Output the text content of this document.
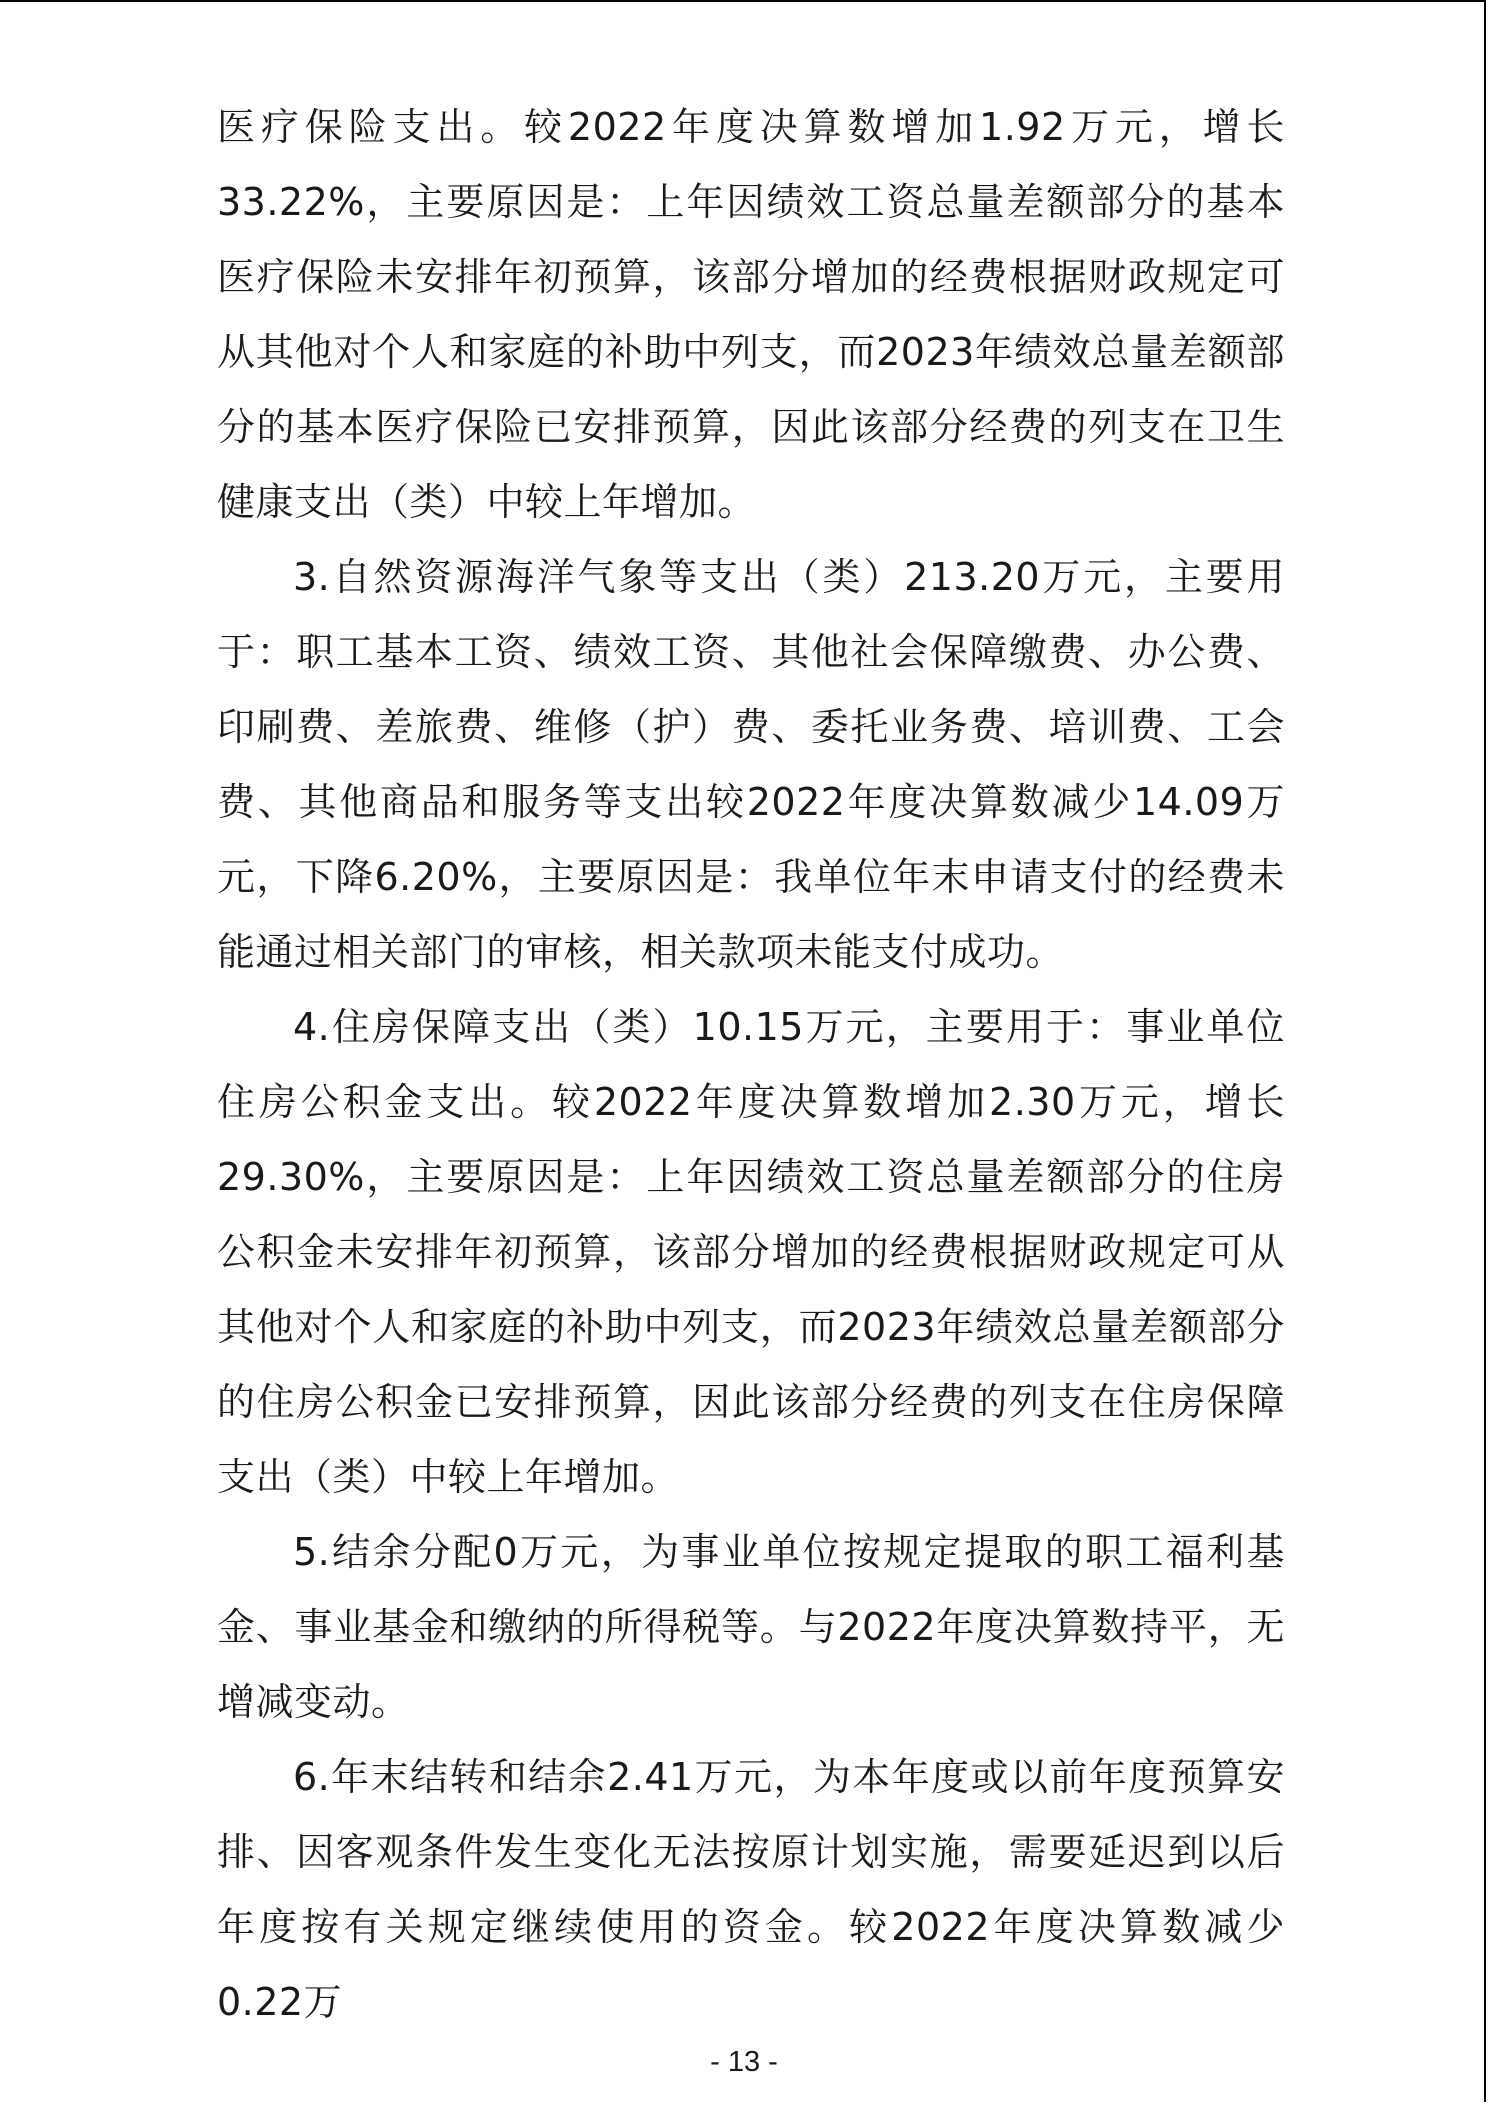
医疗保险支出。较2022年度决算数增加1.92万元，增长33.22%，主要原因是：上年因绩效工资总量差额部分的基本医疗保险未安排年初预算，该部分增加的经费根据财政规定可从其他对个人和家庭的补助中列支，而2023年绩效总量差额部分的基本医疗保险已安排预算，因此该部分经费的列支在卫生健康支出（类）中较上年增加。

3.自然资源海洋气象等支出（类）213.20万元，主要用于：职工基本工资、绩效工资、其他社会保障缴费、办公费、印刷费、差旅费、维修（护）费、委托业务费、培训费、工会费、其他商品和服务等支出较2022年度决算数减少14.09万元，下降6.20%，主要原因是：我单位年末申请支付的经费未能通过相关部门的审核，相关款项未能支付成功。

4.住房保障支出（类）10.15万元，主要用于：事业单位住房公积金支出。较2022年度决算数增加2.30万元，增长29.30%，主要原因是：上年因绩效工资总量差额部分的住房公积金未安排年初预算，该部分增加的经费根据财政规定可从其他对个人和家庭的补助中列支，而2023年绩效总量差额部分的住房公积金已安排预算，因此该部分经费的列支在住房保障支出（类）中较上年增加。

5.结余分配0万元，为事业单位按规定提取的职工福利基金、事业基金和缴纳的所得税等。与2022年度决算数持平，无增减变动。

6.年末结转和结余2.41万元，为本年度或以前年度预算安排、因客观条件发生变化无法按原计划实施，需要延迟到以后年度按有关规定继续使用的资金。较2022年度决算数减少0.22万

- 13 -
